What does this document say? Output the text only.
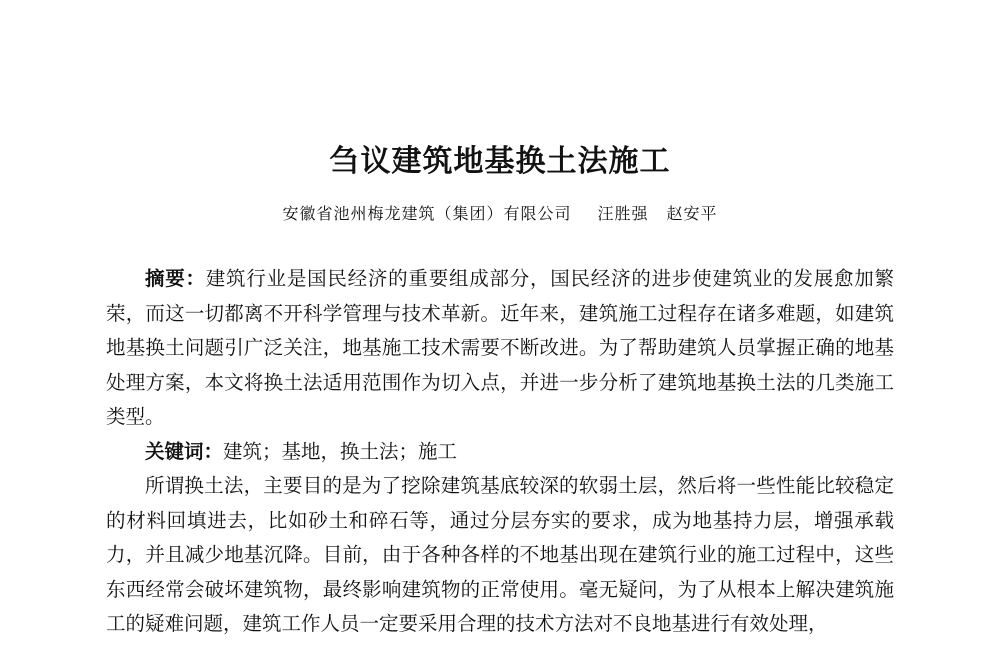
刍议建筑地基换土法施工
安徽省池州梅龙建筑（集团）有限公司 汪胜强 赵安平

摘要：建筑行业是国民经济的重要组成部分，国民经济的进步使建筑业的发展愈加繁荣，而这一切都离不开科学管理与技术革新。近年来，建筑施工过程存在诸多难题，如建筑地基换土问题引广泛关注，地基施工技术需要不断改进。为了帮助建筑人员掌握正确的地基处理方案，本文将换土法适用范围作为切入点，并进一步分析了建筑地基换土法的几类施工类型。

关键词：建筑；基地，换土法；施工

所谓换土法，主要目的是为了挖除建筑基底较深的软弱土层，然后将一些性能比较稳定的材料回填进去，比如砂土和碎石等，通过分层夯实的要求，成为地基持力层，增强承载力，并且减少地基沉降。目前，由于各种各样的不地基出现在建筑行业的施工过程中，这些东西经常会破坏建筑物，最终影响建筑物的正常使用。毫无疑问，为了从根本上解决建筑施工的疑难问题，建筑工作人员一定要采用合理的技术方法对不良地基进行有效处理，
